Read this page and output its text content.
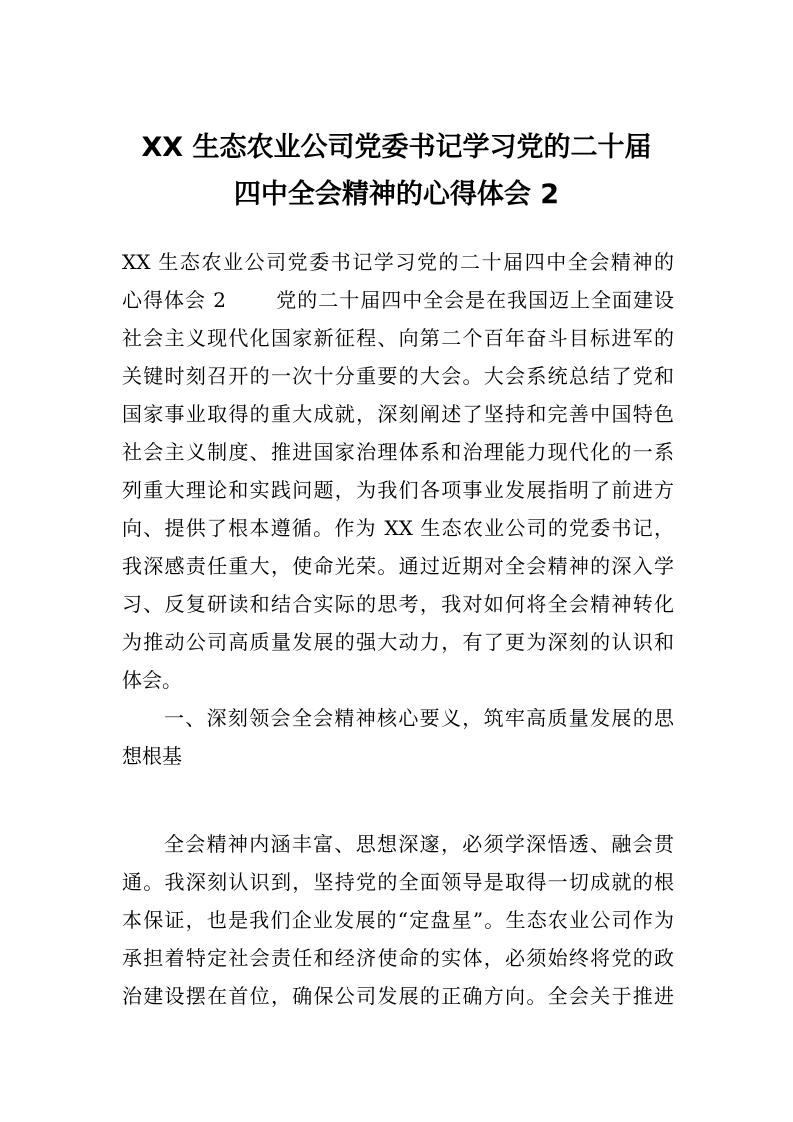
XX 生态农业公司党委书记学习党的二十届
四中全会精神的心得体会 2
XX 生态农业公司党委书记学习党的二十届四中全会精神的
心得体会 2　　 党的二十届四中全会是在我国迈上全面建设
社会主义现代化国家新征程、向第二个百年奋斗目标进军的
关键时刻召开的一次十分重要的大会。大会系统总结了党和
国家事业取得的重大成就，深刻阐述了坚持和完善中国特色
社会主义制度、推进国家治理体系和治理能力现代化的一系
列重大理论和实践问题，为我们各项事业发展指明了前进方
向、提供了根本遵循。作为 XX 生态农业公司的党委书记，
我深感责任重大，使命光荣。通过近期对全会精神的深入学
习、反复研读和结合实际的思考，我对如何将全会精神转化
为推动公司高质量发展的强大动力，有了更为深刻的认识和
体会。
一、深刻领会全会精神核心要义，筑牢高质量发展的思
想根基
全会精神内涵丰富、思想深邃，必须学深悟透、融会贯
通。我深刻认识到，坚持党的全面领导是取得一切成就的根
本保证，也是我们企业发展的“定盘星”。生态农业公司作为
承担着特定社会责任和经济使命的实体，必须始终将党的政
治建设摆在首位，确保公司发展的正确方向。全会关于推进
